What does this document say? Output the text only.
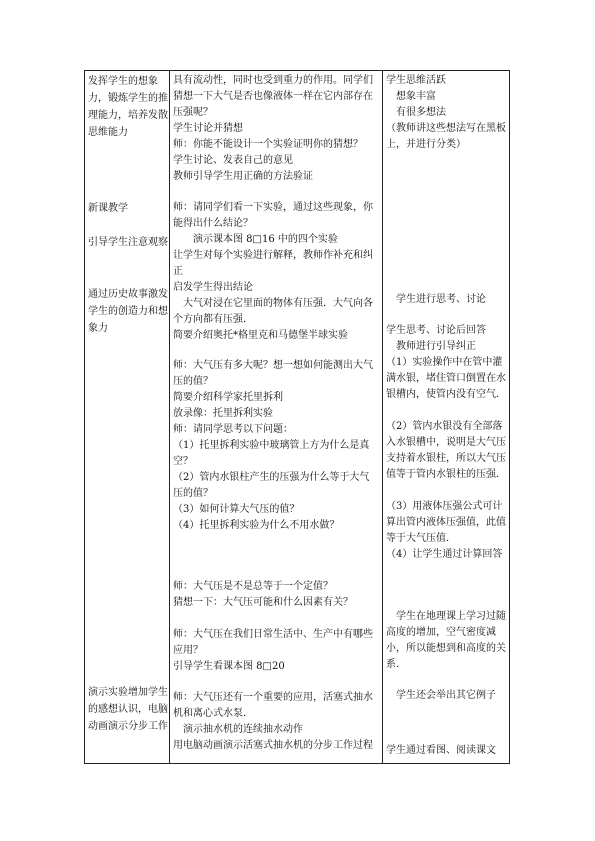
发挥学生的想象力，锻炼学生的推理能力，培养发散思维能力

新课教学

引导学生注意观察

通过历史故事激发学生的创造力和想象力

演示实验增加学生的感想认识，电脑动画演示分步工作

具有流动性，同时也受到重力的作用。同学们猜想一下大气是否也像液体一样在它内部存在压强呢？

学生讨论并猜想

师：你能不能设计一个实验证明你的猜想？

学生讨论、发表自己的意见

教师引导学生用正确的方法验证

师：请同学们看一下实验，通过这些现象，你能得出什么结论？

　　演示课本图 8□16 中的四个实验

让学生对每个实验进行解释，教师作补充和纠正

启发学生得出结论

　大气对浸在它里面的物体有压强．大气向各个方向都有压强．

简要介绍奥托*格里克和马德堡半球实验

师：大气压有多大呢？想一想如何能测出大气压的值？

简要介绍科学家托里拆利

放录像：托里拆利实验

师：请同学思考以下问题：

（1）托里拆利实验中玻璃管上方为什么是真空？

（2）管内水银柱产生的压强为什么等于大气压的值？

（3）如何计算大气压的值？

（4）托里拆利实验为什么不用水做？

师：大气压是不是总等于一个定值？

猜想一下：大气压可能和什么因素有关？

师：大气压在我们日常生活中、生产中有哪些应用？

引导学生看课本图 8□20

师：大气压还有一个重要的应用，活塞式抽水机和离心式水泵．

　演示抽水机的连续抽水动作

用电脑动画演示活塞式抽水机的分步工作过程

学生思维活跃

　想象丰富

　有很多想法

（教师讲这些想法写在黑板上，并进行分类）

　学生进行思考、讨论

学生思考、讨论后回答

　教师进行引导纠正

（1）实验操作中在管中灌满水银，堵住管口倒置在水银槽内，使管内没有空气．

（2）管内水银没有全部落入水银槽中，说明是大气压支持着水银柱，所以大气压值等于管内水银柱的压强．

（3）用液体压强公式可计算出管内液体压强值，此值等于大气压值．

（4）让学生通过计算回答

　学生在地理课上学习过随高度的增加，空气密度减小，所以能想到和高度的关系．

　学生还会举出其它例子

学生通过看图、阅读课文
